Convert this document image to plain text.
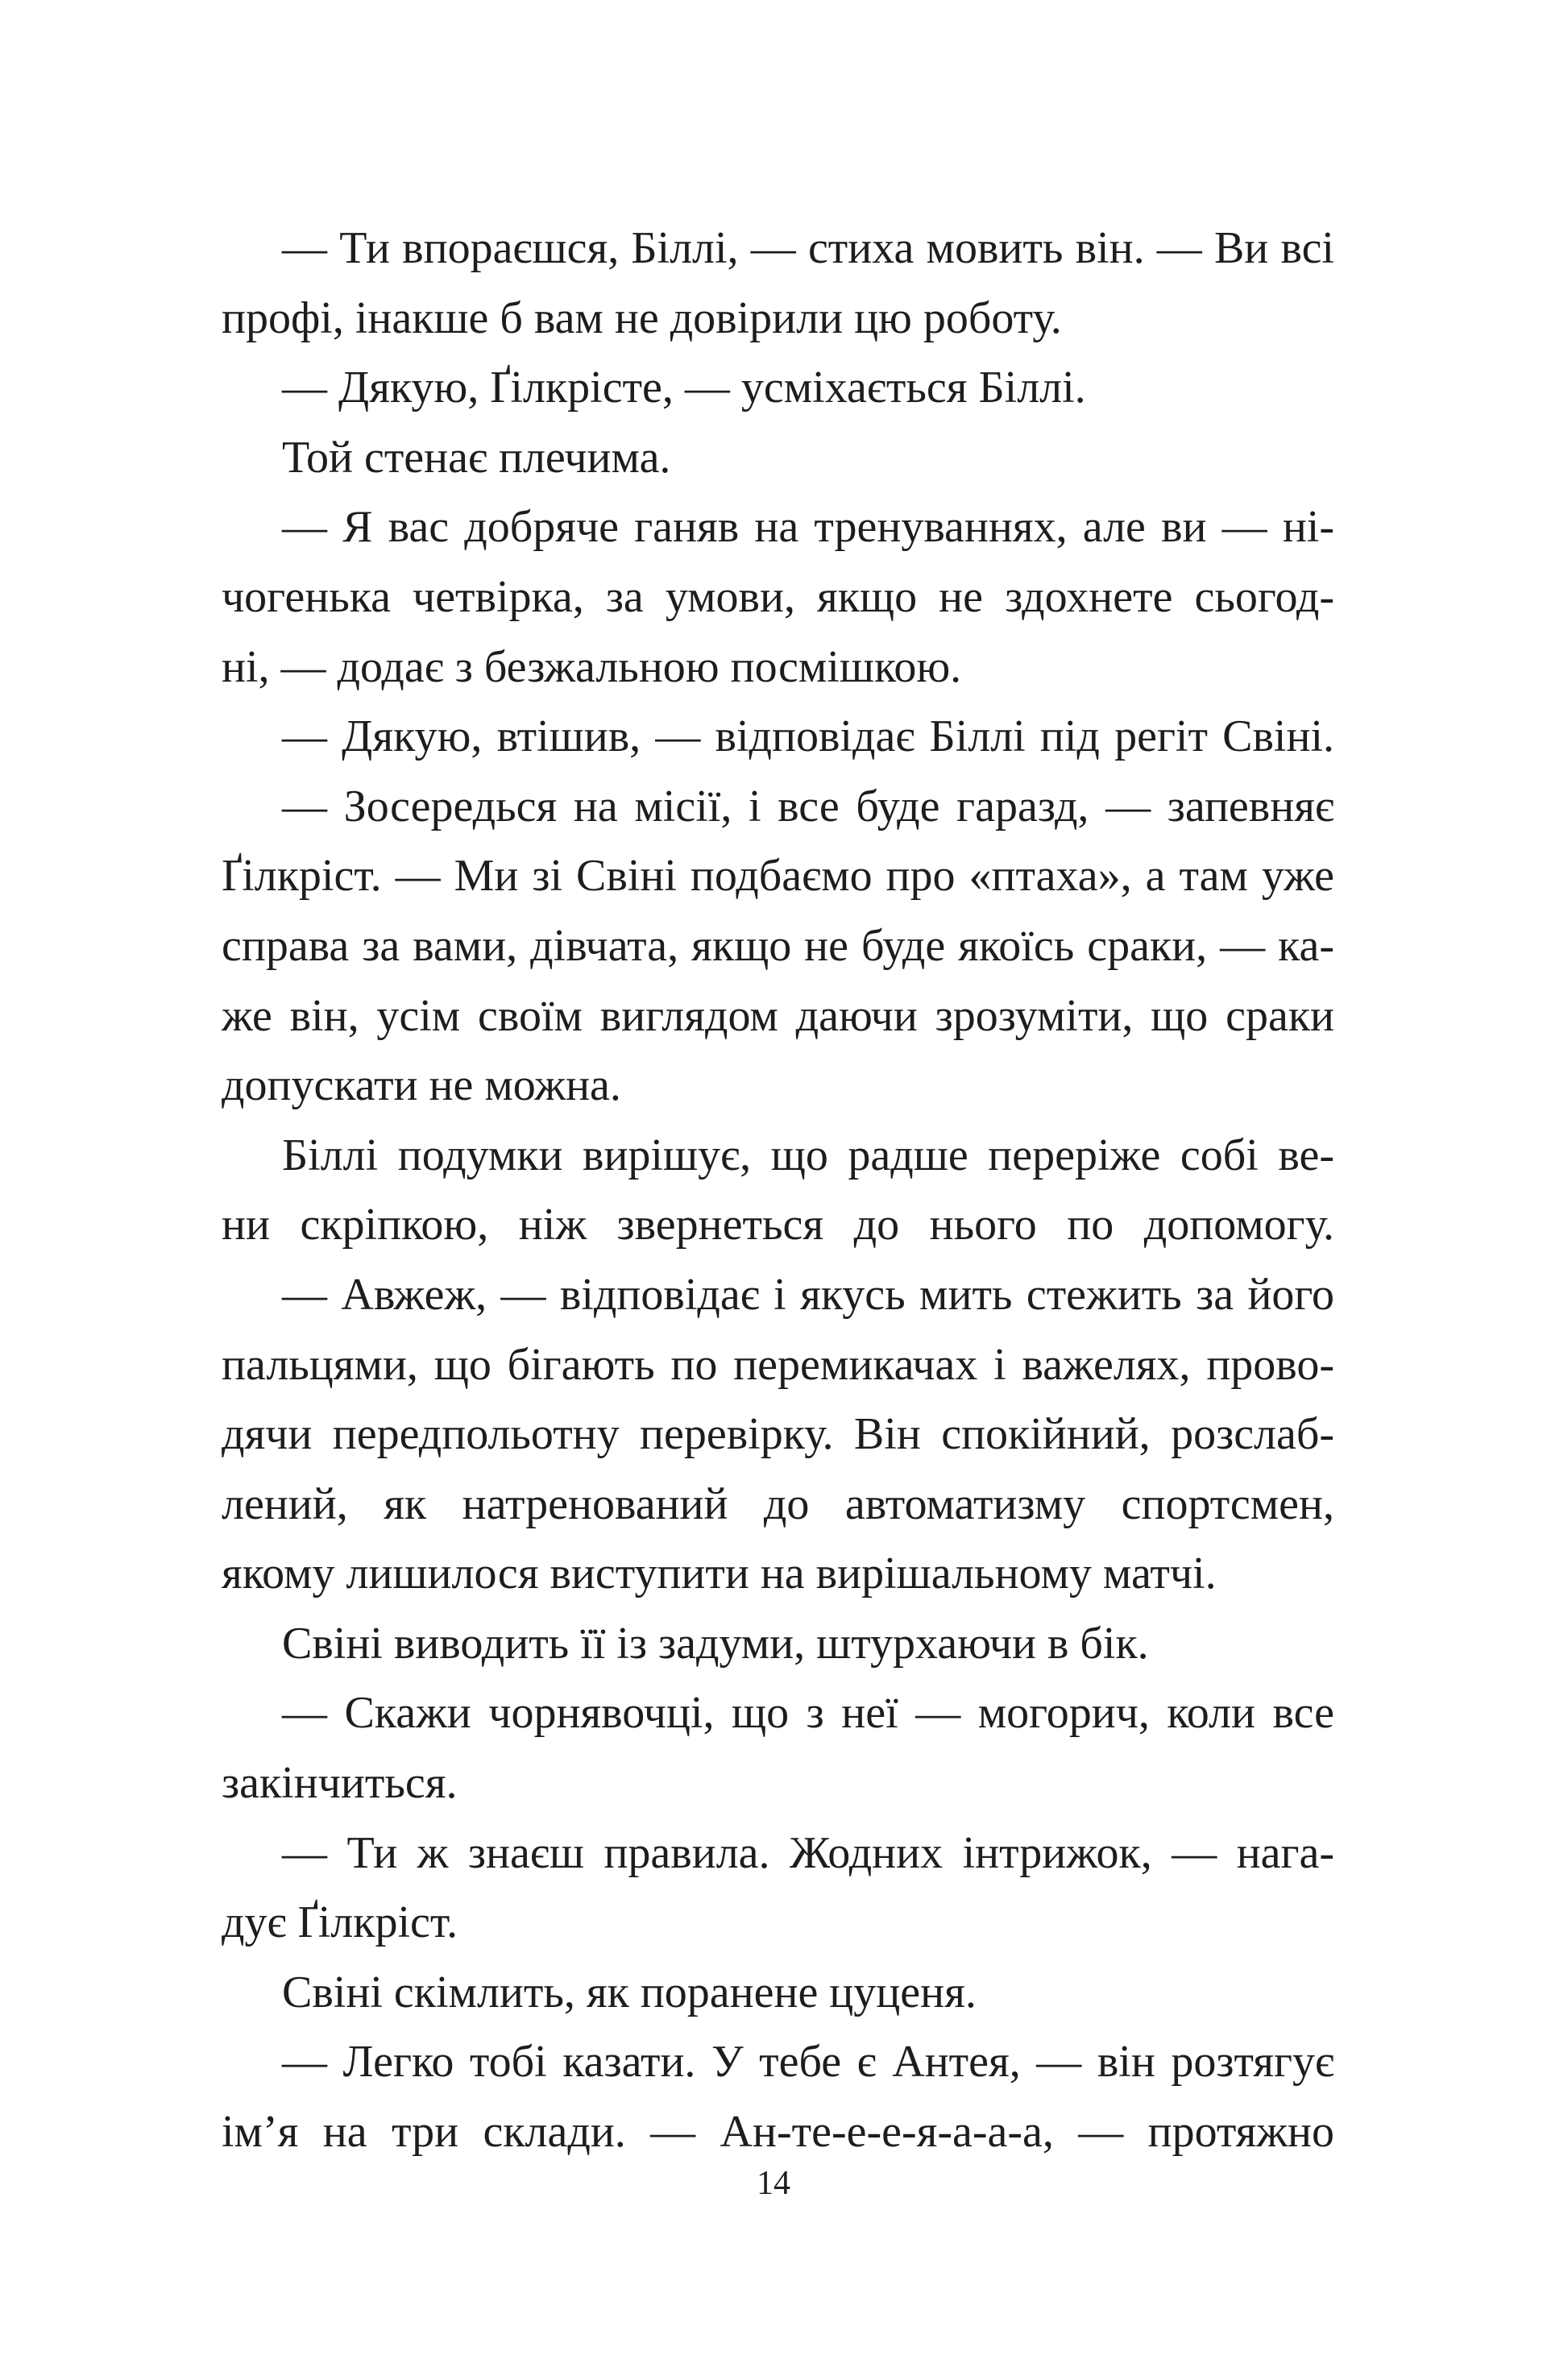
— Ти впораєшся, Біллі, — стиха мовить він. — Ви всі
профі, інакше б вам не довірили цю роботу.
— Дякую, Ґілкрісте, — усміхається Біллі.
Той стенає плечима.
— Я вас добряче ганяв на тренуваннях, але ви — ні-
чогенька четвірка, за умови, якщо не здохнете сьогод-
ні, — додає з безжальною посмішкою.
— Дякую, втішив, — відповідає Біллі під регіт Свіні.
— Зосередься на місії, і все буде гаразд, — запевняє
Ґілкріст. — Ми зі Свіні подбаємо про «птаха», а там уже
справа за вами, дівчата, якщо не буде якоїсь сраки, — ка-
же він, усім своїм виглядом даючи зрозуміти, що сраки
допускати не можна.
Біллі подумки вирішує, що радше переріже собі ве-
ни скріпкою, ніж звернеться до нього по допомогу.
— Авжеж, — відповідає і якусь мить стежить за його
пальцями, що бігають по перемикачах і важелях, прово-
дячи передпольотну перевірку. Він спокійний, розслаб-
лений, як натренований до автоматизму спортсмен,
якому лишилося виступити на вирішальному матчі.
Свіні виводить її із задуми, штурхаючи в бік.
— Скажи чорнявочці, що з неї — могорич, коли все
закінчиться.
— Ти ж знаєш правила. Жодних інтрижок, — нага-
дує Ґілкріст.
Свіні скімлить, як поранене цуценя.
— Легко тобі казати. У тебе є Антея, — він розтягує
ім’я на три склади. — Ан-те-е-е-я-а-а-а, — протяжно
14
